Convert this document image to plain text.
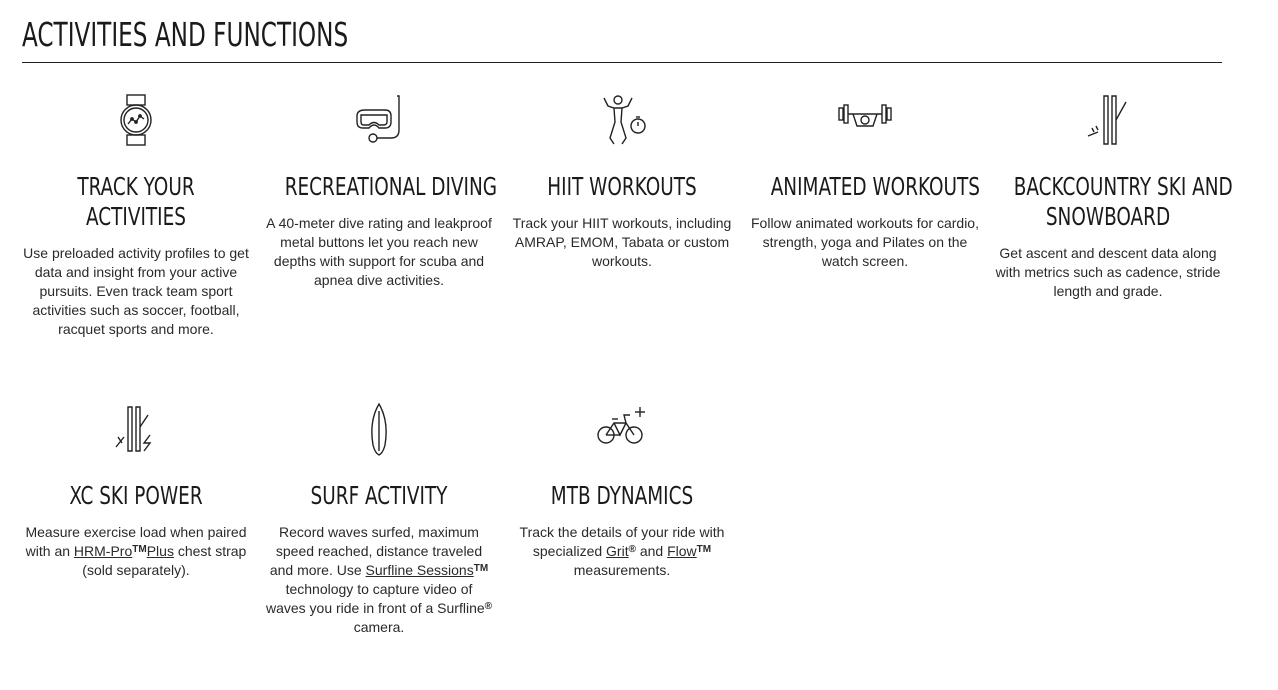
ACTIVITIES AND FUNCTIONS
TRACK YOUR
ACTIVITIES

Use preloaded activity profiles to get data and insight from your active pursuits. Even track team sport activities such as soccer, football, racquet sports and more.

RECREATIONAL DIVING

A 40-meter dive rating and leakproof metal buttons let you reach new depths with support for scuba and apnea dive activities.

HIIT WORKOUTS

Track your HIIT workouts, including AMRAP, EMOM, Tabata or custom workouts.

ANIMATED WORKOUTS

Follow animated workouts for cardio, strength, yoga and Pilates on the watch screen.

BACKCOUNTRY SKI AND
SNOWBOARD

Get ascent and descent data along with metrics such as cadence, stride length and grade.

XC SKI POWER

Measure exercise load when paired with an HRM-Pro™Plus chest strap (sold separately).

SURF ACTIVITY

Record waves surfed, maximum speed reached, distance traveled and more. Use Surfline Sessions™ technology to capture video of waves you ride in front of a Surfline® camera.

MTB DYNAMICS

Track the details of your ride with specialized Grit® and Flow™ measurements.
